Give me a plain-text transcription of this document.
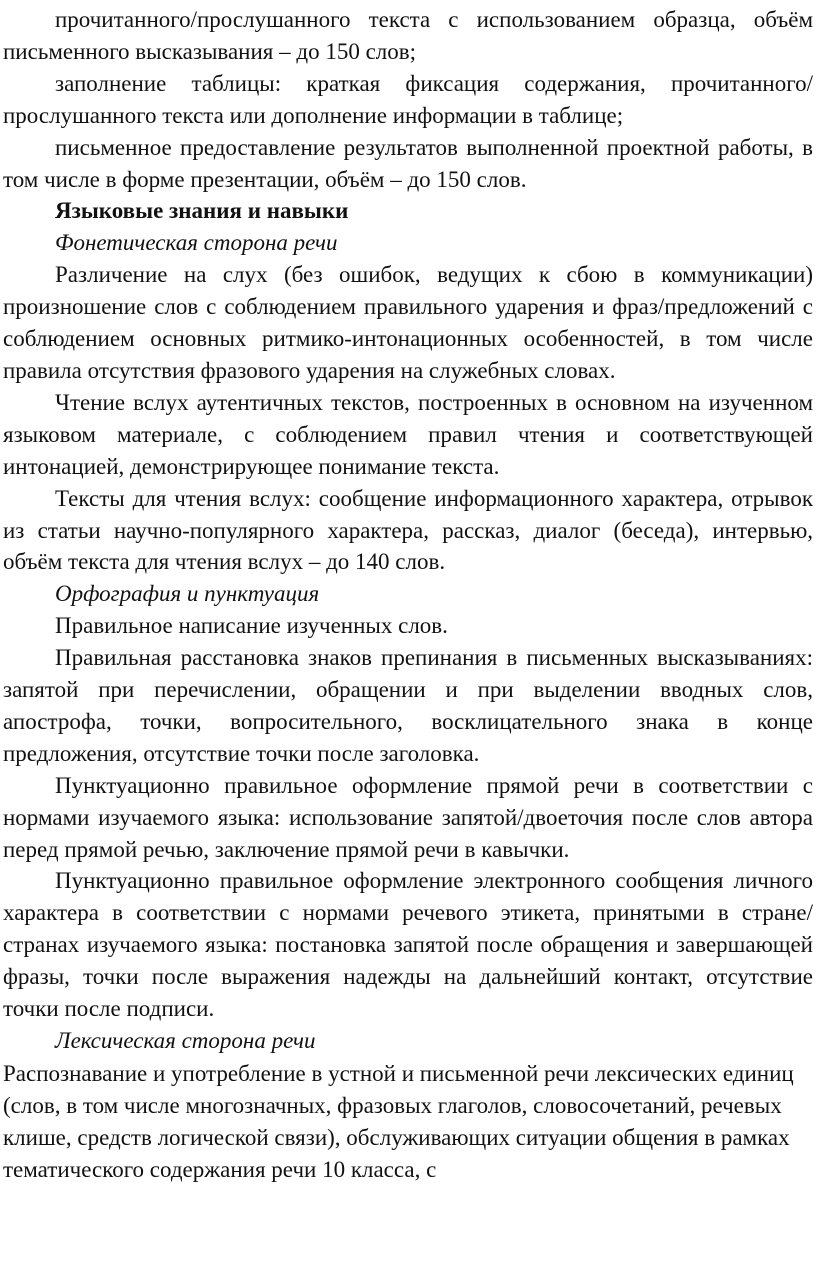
прочитанного/прослушанного текста с использованием образца, объём письменного высказывания – до 150 слов;

заполнение таблицы: краткая фиксация содержания, прочитанного/ прослушанного текста или дополнение информации в таблице;

письменное предоставление результатов выполненной проектной работы, в том числе в форме презентации, объём – до 150 слов.

Языковые знания и навыки

Фонетическая сторона речи

Различение на слух (без ошибок, ведущих к сбою в коммуникации) произношение слов с соблюдением правильного ударения и фраз/предложений с соблюдением основных ритмико-интонационных особенностей, в том числе правила отсутствия фразового ударения на служебных словах.

Чтение вслух аутентичных текстов, построенных в основном на изученном языковом материале, с соблюдением правил чтения и соответствующей интонацией, демонстрирующее понимание текста.

Тексты для чтения вслух: сообщение информационного характера, отрывок из статьи научно-популярного характера, рассказ, диалог (беседа), интервью, объём текста для чтения вслух – до 140 слов.

Орфография и пунктуация

Правильное написание изученных слов.

Правильная расстановка знаков препинания в письменных высказываниях: запятой при перечислении, обращении и при выделении вводных слов, апострофа, точки, вопросительного, восклицательного знака в конце предложения, отсутствие точки после заголовка.

Пунктуационно правильное оформление прямой речи в соответствии с нормами изучаемого языка: использование запятой/двоеточия после слов автора перед прямой речью, заключение прямой речи в кавычки.

Пунктуационно правильное оформление электронного сообщения личного характера в соответствии с нормами речевого этикета, принятыми в стране/странах изучаемого языка: постановка запятой после обращения и завершающей фразы, точки после выражения надежды на дальнейший контакт, отсутствие точки после подписи.

Лексическая сторона речи

Распознавание и употребление в устной и письменной речи лексических единиц (слов, в том числе многозначных, фразовых глаголов, словосочетаний, речевых клише, средств логической связи), обслуживающих ситуации общения в рамках тематического содержания речи 10 класса, с
